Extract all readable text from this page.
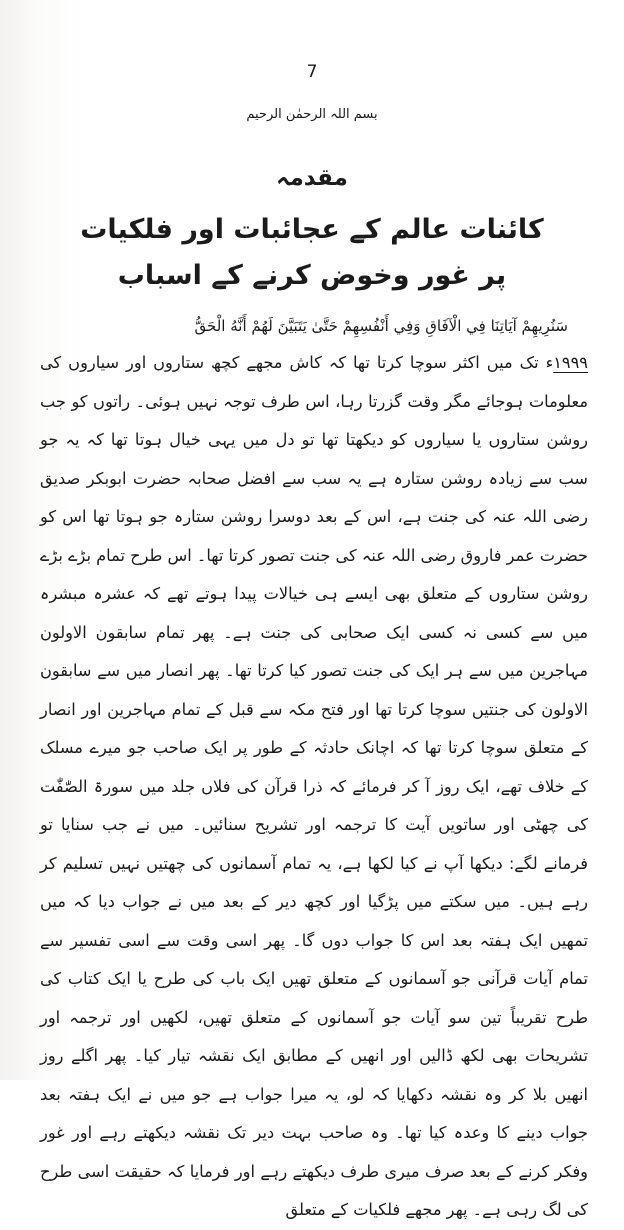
7
بسم اللہ الرحمٰن الرحیم
مقدمہ
کائنات عالم کے عجائبات اور فلکیات
پر غور وخوض کرنے کے اسباب
سَنُرِيهِمْ آيَاتِنَا فِي الْآفَاقِ وَفِي أَنْفُسِهِمْ حَتَّىٰ يَتَبَيَّنَ لَهُمْ أَنَّهُ الْحَقُّ

۱۹۹۹ء تک میں اکثر سوچا کرتا تھا کہ کاش مجھے کچھ ستاروں اور سیاروں کی معلومات ہوجائے مگر وقت گزرتا رہا، اس طرف توجہ نہیں ہوئی۔ راتوں کو جب روشن ستاروں یا سیاروں کو دیکھتا تھا تو دل میں یہی خیال ہوتا تھا کہ یہ جو سب سے زیادہ روشن ستارہ ہے یہ سب سے افضل صحابہ حضرت ابوبکر صدیق رضی اللہ عنہ کی جنت ہے، اس کے بعد دوسرا روشن ستارہ جو ہوتا تھا اس کو حضرت عمر فاروق رضی اللہ عنہ کی جنت تصور کرتا تھا۔ اس طرح تمام بڑے بڑے روشن ستاروں کے متعلق بھی ایسے ہی خیالات پیدا ہوتے تھے کہ عشرہ مبشرہ میں سے کسی نہ کسی ایک صحابی کی جنت ہے۔ پھر تمام سابقون الاولون مہاجرین میں سے ہر ایک کی جنت تصور کیا کرتا تھا۔ پھر انصار میں سے سابقون الاولون کی جنتیں سوچا کرتا تھا اور فتح مکہ سے قبل کے تمام مہاجرین اور انصار کے متعلق سوچا کرتا تھا کہ اچانک حادثہ کے طور پر ایک صاحب جو میرے مسلک کے خلاف تھے، ایک روز آ کر فرمائے کہ ذرا قرآن کی فلاں جلد میں سورۃ الصّٰفّٰت کی چھٹی اور ساتویں آیت کا ترجمہ اور تشریح سنائیں۔ میں نے جب سنایا تو فرمانے لگے: دیکھا آپ نے کیا لکھا ہے، یہ تمام آسمانوں کی چھتیں نہیں تسلیم کر رہے ہیں۔ میں سکتے میں پڑگیا اور کچھ دیر کے بعد میں نے جواب دیا کہ میں تمھیں ایک ہفتہ بعد اس کا جواب دوں گا۔ پھر اسی وقت سے اسی تفسیر سے تمام آیات قرآنی جو آسمانوں کے متعلق تھیں ایک باب کی طرح یا ایک کتاب کی طرح تقریباً تین سو آیات جو آسمانوں کے متعلق تھیں، لکھیں اور ترجمہ اور تشریحات بھی لکھ ڈالیں اور انھیں کے مطابق ایک نقشہ تیار کیا۔ پھر اگلے روز انھیں بلا کر وہ نقشہ دکھایا کہ لو، یہ میرا جواب ہے جو میں نے ایک ہفتہ بعد جواب دینے کا وعدہ کیا تھا۔ وہ صاحب بہت دیر تک نقشہ دیکھتے رہے اور غور وفکر کرنے کے بعد صرف میری طرف دیکھتے رہے اور فرمایا کہ حقیقت اسی طرح کی لگ رہی ہے۔ پھر مجھے فلکیات کے متعلق
